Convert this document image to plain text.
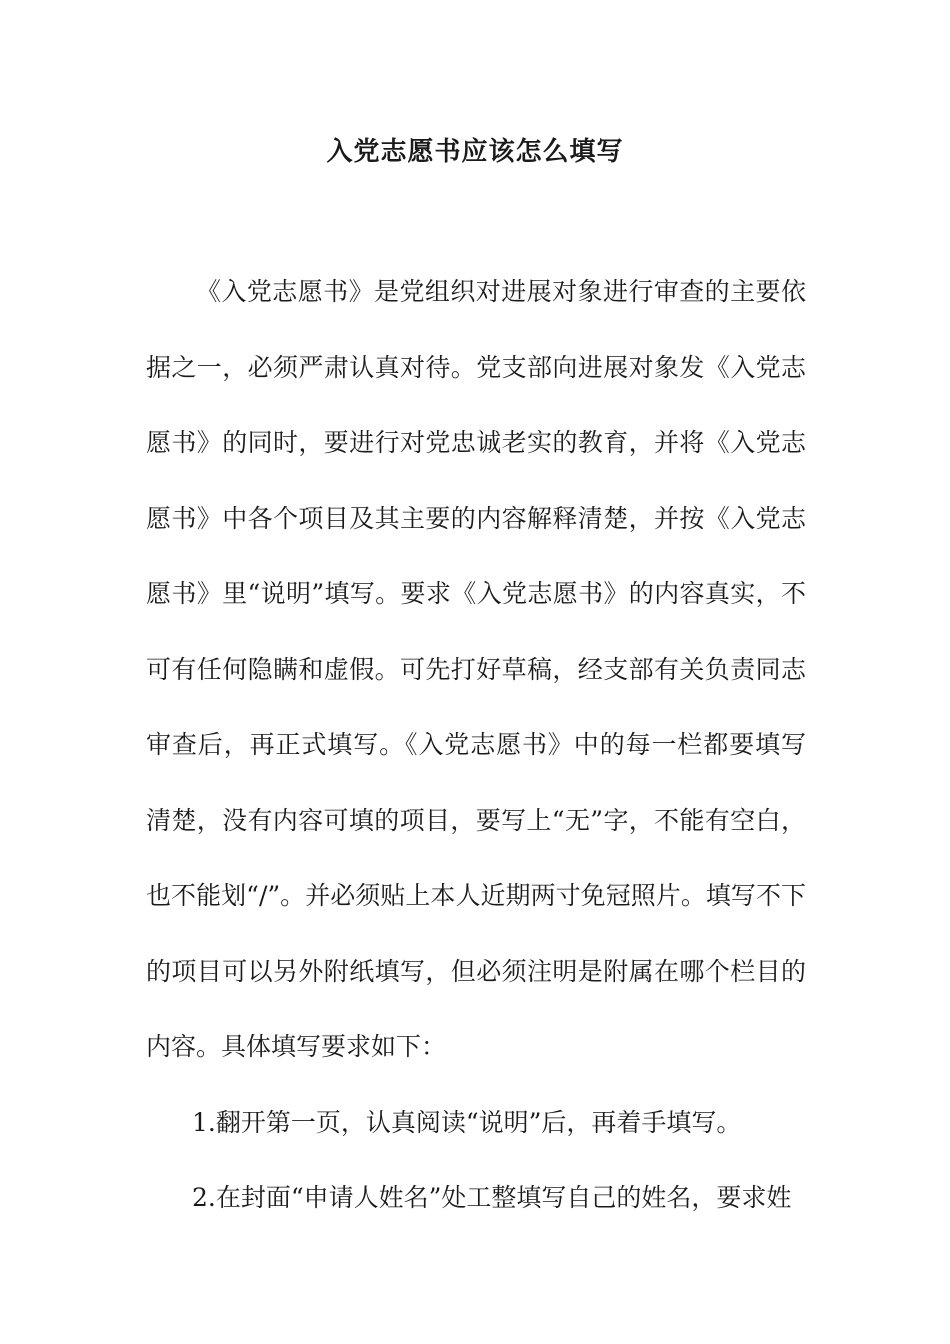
入党志愿书应该怎么填写

《入党志愿书》是党组织对进展对象进行审查的主要依据之一，必须严肃认真对待。党支部向进展对象发《入党志愿书》的同时，要进行对党忠诚老实的教育，并将《入党志愿书》中各个项目及其主要的内容解释清楚，并按《入党志愿书》里“说明”填写。要求《入党志愿书》的内容真实，不可有任何隐瞒和虚假。可先打好草稿，经支部有关负责同志审查后，再正式填写。《入党志愿书》中的每一栏都要填写清楚，没有内容可填的项目，要写上“无”字，不能有空白，也不能划“/”。并必须贴上本人近期两寸免冠照片。填写不下的项目可以另外附纸填写，但必须注明是附属在哪个栏目的内容。具体填写要求如下：

1.翻开第一页，认真阅读“说明”后，再着手填写。

2.在封面“申请人姓名”处工整填写自己的姓名，要求姓
